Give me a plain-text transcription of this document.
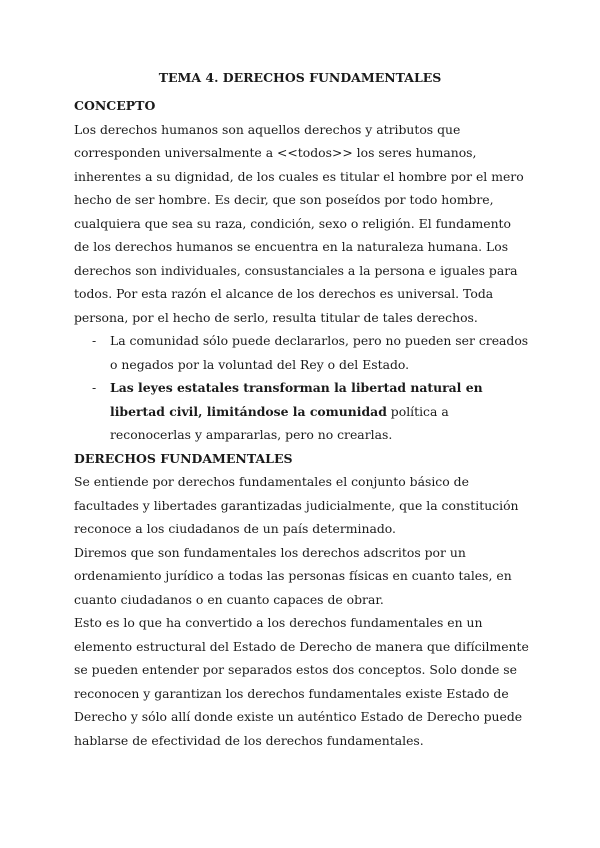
TEMA 4. DERECHOS FUNDAMENTALES
CONCEPTO

Los derechos humanos son aquellos derechos y atributos que corresponden universalmente a <<todos>> los seres humanos, inherentes a su dignidad, de los cuales es titular el hombre por el mero hecho de ser hombre. Es decir, que son poseídos por todo hombre, cualquiera que sea su raza, condición, sexo o religión. El fundamento de los derechos humanos se encuentra en la naturaleza humana. Los derechos son individuales, consustanciales a la persona e iguales para todos. Por esta razón el alcance de los derechos es universal. Toda persona, por el hecho de serlo, resulta titular de tales derechos.

- La comunidad sólo puede declararlos, pero no pueden ser creados o negados por la voluntad del Rey o del Estado.
- Las leyes estatales transforman la libertad natural en libertad civil, limitándose la comunidad política a reconocerlas y ampararlas, pero no crearlas.
DERECHOS FUNDAMENTALES

Se entiende por derechos fundamentales el conjunto básico de facultades y libertades garantizadas judicialmente, que la constitución reconoce a los ciudadanos de un país determinado.

Diremos que son fundamentales los derechos adscritos por un ordenamiento jurídico a todas las personas físicas en cuanto tales, en cuanto ciudadanos o en cuanto capaces de obrar.

Esto es lo que ha convertido a los derechos fundamentales en un elemento estructural del Estado de Derecho de manera que difícilmente se pueden entender por separados estos dos conceptos. Solo donde se reconocen y garantizan los derechos fundamentales existe Estado de Derecho y sólo allí donde existe un auténtico Estado de Derecho puede hablarse de efectividad de los derechos fundamentales.
